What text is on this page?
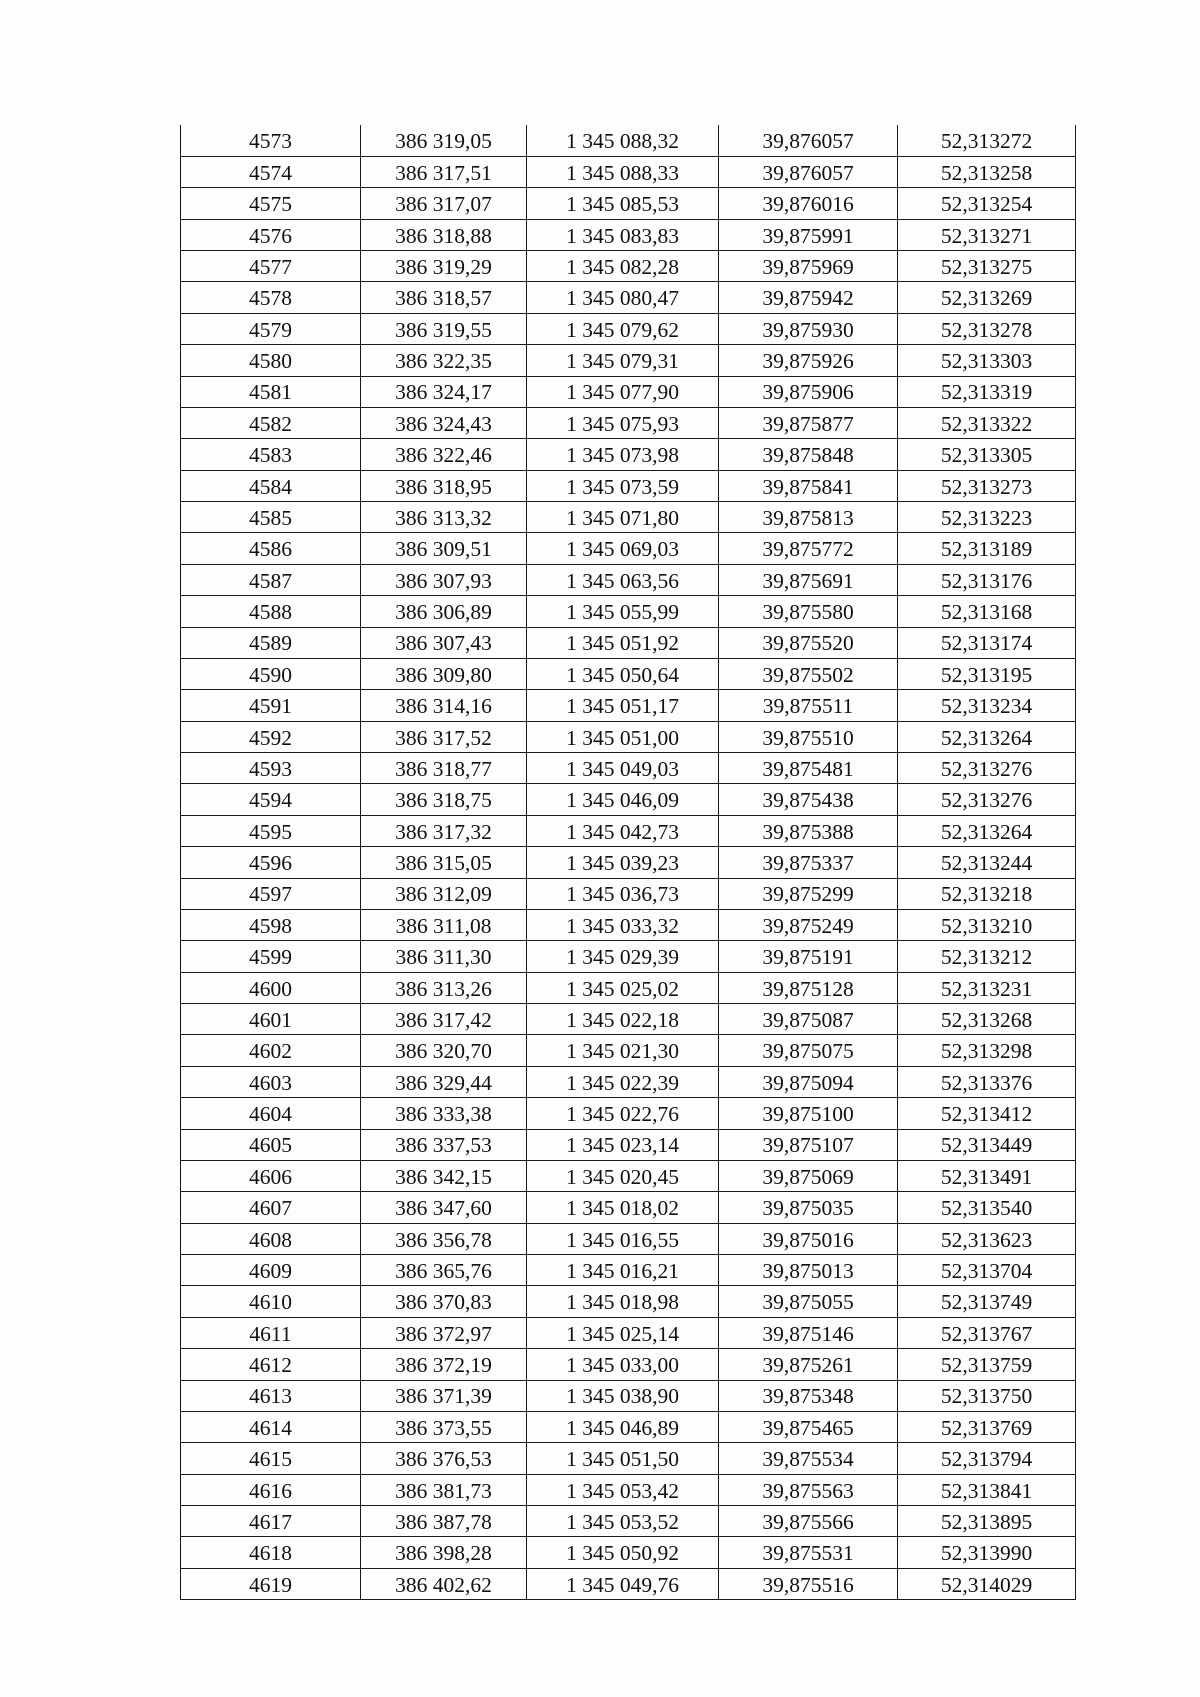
4573	386 319,05	1 345 088,32	39,876057	52,313272
4574	386 317,51	1 345 088,33	39,876057	52,313258
4575	386 317,07	1 345 085,53	39,876016	52,313254
4576	386 318,88	1 345 083,83	39,875991	52,313271
4577	386 319,29	1 345 082,28	39,875969	52,313275
4578	386 318,57	1 345 080,47	39,875942	52,313269
4579	386 319,55	1 345 079,62	39,875930	52,313278
4580	386 322,35	1 345 079,31	39,875926	52,313303
4581	386 324,17	1 345 077,90	39,875906	52,313319
4582	386 324,43	1 345 075,93	39,875877	52,313322
4583	386 322,46	1 345 073,98	39,875848	52,313305
4584	386 318,95	1 345 073,59	39,875841	52,313273
4585	386 313,32	1 345 071,80	39,875813	52,313223
4586	386 309,51	1 345 069,03	39,875772	52,313189
4587	386 307,93	1 345 063,56	39,875691	52,313176
4588	386 306,89	1 345 055,99	39,875580	52,313168
4589	386 307,43	1 345 051,92	39,875520	52,313174
4590	386 309,80	1 345 050,64	39,875502	52,313195
4591	386 314,16	1 345 051,17	39,875511	52,313234
4592	386 317,52	1 345 051,00	39,875510	52,313264
4593	386 318,77	1 345 049,03	39,875481	52,313276
4594	386 318,75	1 345 046,09	39,875438	52,313276
4595	386 317,32	1 345 042,73	39,875388	52,313264
4596	386 315,05	1 345 039,23	39,875337	52,313244
4597	386 312,09	1 345 036,73	39,875299	52,313218
4598	386 311,08	1 345 033,32	39,875249	52,313210
4599	386 311,30	1 345 029,39	39,875191	52,313212
4600	386 313,26	1 345 025,02	39,875128	52,313231
4601	386 317,42	1 345 022,18	39,875087	52,313268
4602	386 320,70	1 345 021,30	39,875075	52,313298
4603	386 329,44	1 345 022,39	39,875094	52,313376
4604	386 333,38	1 345 022,76	39,875100	52,313412
4605	386 337,53	1 345 023,14	39,875107	52,313449
4606	386 342,15	1 345 020,45	39,875069	52,313491
4607	386 347,60	1 345 018,02	39,875035	52,313540
4608	386 356,78	1 345 016,55	39,875016	52,313623
4609	386 365,76	1 345 016,21	39,875013	52,313704
4610	386 370,83	1 345 018,98	39,875055	52,313749
4611	386 372,97	1 345 025,14	39,875146	52,313767
4612	386 372,19	1 345 033,00	39,875261	52,313759
4613	386 371,39	1 345 038,90	39,875348	52,313750
4614	386 373,55	1 345 046,89	39,875465	52,313769
4615	386 376,53	1 345 051,50	39,875534	52,313794
4616	386 381,73	1 345 053,42	39,875563	52,313841
4617	386 387,78	1 345 053,52	39,875566	52,313895
4618	386 398,28	1 345 050,92	39,875531	52,313990
4619	386 402,62	1 345 049,76	39,875516	52,314029
